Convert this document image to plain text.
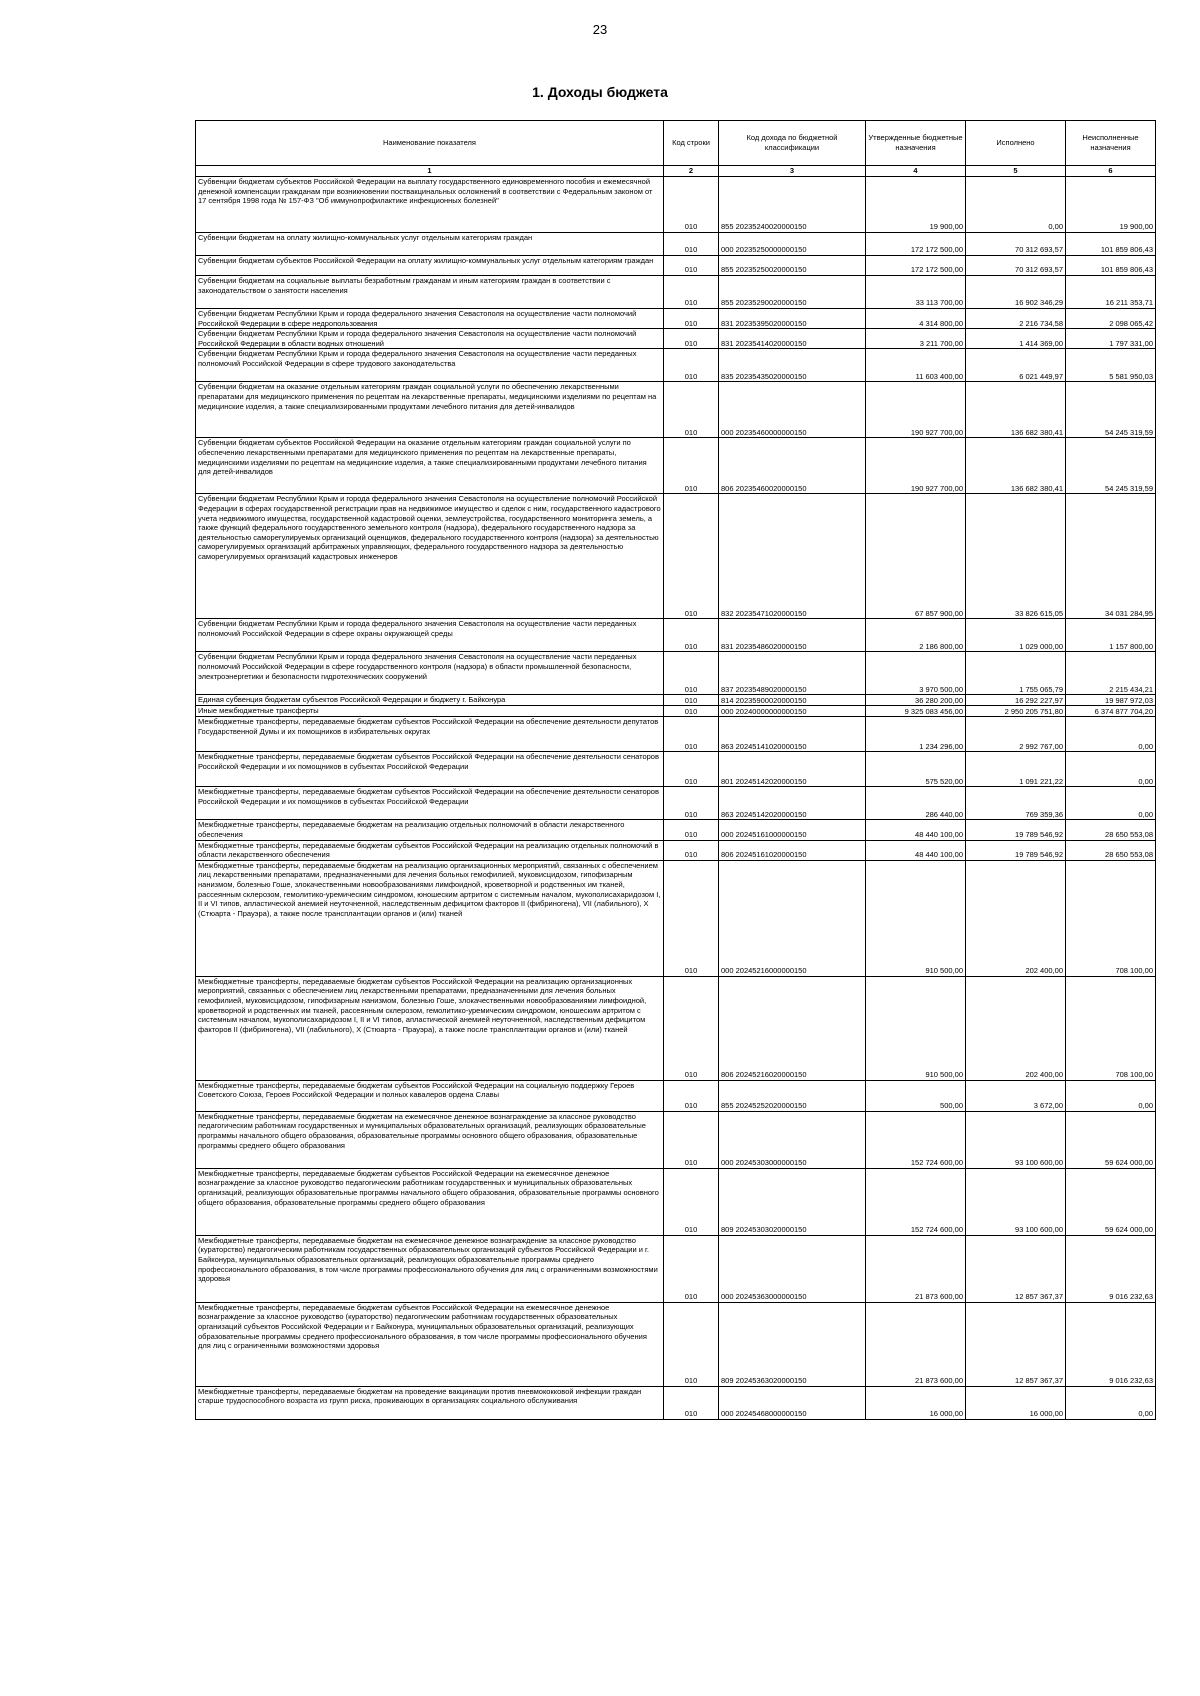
23
1. Доходы бюджета
Наименование показателя	Код строки	Код дохода по бюджетной классификации	Утвержденные бюджетные назначения	Исполнено	Неисполненные назначения
1	2	3	4	5	6
Субвенции бюджетам субъектов Российской Федерации на выплату государственного единовременного пособия и ежемесячной денежной компенсации гражданам при возникновении поствакцинальных осложнений в соответствии с Федеральным законом от 17 сентября 1998 года № 157-ФЗ "Об иммунопрофилактике инфекционных болезней"	010	855 20235240020000150	19 900,00	0,00	19 900,00
Субвенции бюджетам на оплату жилищно-коммунальных услуг отдельным категориям граждан	010	000 20235250000000150	172 172 500,00	70 312 693,57	101 859 806,43
Субвенции бюджетам субъектов Российской Федерации на оплату жилищно-коммунальных услуг отдельным категориям граждан	010	855 20235250020000150	172 172 500,00	70 312 693,57	101 859 806,43
Субвенции бюджетам на социальные выплаты безработным гражданам и иным категориям граждан в соответствии с законодательством о занятости населения	010	855 20235290020000150	33 113 700,00	16 902 346,29	16 211 353,71
Субвенции бюджетам Республики Крым и города федерального значения Севастополя на осуществление части полномочий Российской Федерации в сфере недропользования	010	831 20235395020000150	4 314 800,00	2 216 734,58	2 098 065,42
Субвенции бюджетам Республики Крым и города федерального значения Севастополя на осуществление части полномочий Российской Федерации в области водных отношений	010	831 20235414020000150	3 211 700,00	1 414 369,00	1 797 331,00
Субвенции бюджетам Республики Крым и города федерального значения Севастополя на осуществление части переданных полномочий Российской Федерации в сфере трудового законодательства	010	835 20235435020000150	11 603 400,00	6 021 449,97	5 581 950,03
Субвенции бюджетам на оказание отдельным категориям граждан социальной услуги по обеспечению лекарственными препаратами для медицинского применения по рецептам на лекарственные препараты, медицинскими изделиями по рецептам на медицинские изделия, а также специализированными продуктами лечебного питания для детей-инвалидов	010	000 20235460000000150	190 927 700,00	136 682 380,41	54 245 319,59
Субвенции бюджетам субъектов Российской Федерации на оказание отдельным категориям граждан социальной услуги по обеспечению лекарственными препаратами для медицинского применения по рецептам на лекарственные препараты, медицинскими изделиями по рецептам на медицинские изделия, а также специализированными продуктами лечебного питания для детей-инвалидов	010	806 20235460020000150	190 927 700,00	136 682 380,41	54 245 319,59
Субвенции бюджетам Республики Крым и города федерального значения Севастополя на осуществление полномочий Российской Федерации в сферах государственной регистрации прав на недвижимое имущество и сделок с ним, государственного кадастрового учета недвижимого имущества, государственной кадастровой оценки, землеустройства, государственного мониторинга земель, а также функций федерального государственного земельного контроля (надзора), федерального государственного надзора за деятельностью саморегулируемых организаций оценщиков, федерального государственного контроля (надзора) за деятельностью саморегулируемых организаций арбитражных управляющих, федерального государственного надзора за деятельностью саморегулируемых организаций кадастровых инженеров	010	832 20235471020000150	67 857 900,00	33 826 615,05	34 031 284,95
Субвенции бюджетам Республики Крым и города федерального значения Севастополя на осуществление части переданных полномочий Российской Федерации в сфере охраны окружающей среды	010	831 20235486020000150	2 186 800,00	1 029 000,00	1 157 800,00
Субвенции бюджетам Республики Крым и города федерального значения Севастополя на осуществление части переданных полномочий Российской Федерации в сфере государственного контроля (надзора) в области промышленной безопасности, электроэнергетики и безопасности гидротехнических сооружений	010	837 20235489020000150	3 970 500,00	1 755 065,79	2 215 434,21
Единая субвенция бюджетам субъектов Российской Федерации и бюджету г. Байконура	010	814 20235900020000150	36 280 200,00	16 292 227,97	19 987 972,03
Иные межбюджетные трансферты	010	000 20240000000000150	9 325 083 456,00	2 950 205 751,80	6 374 877 704,20
Межбюджетные трансферты, передаваемые бюджетам субъектов Российской Федерации на обеспечение деятельности депутатов Государственной Думы и их помощников в избирательных округах	010	863 20245141020000150	1 234 296,00	2 992 767,00	0,00
Межбюджетные трансферты, передаваемые бюджетам субъектов Российской Федерации на обеспечение деятельности сенаторов Российской Федерации и их помощников в субъектах Российской Федерации	010	801 20245142020000150	575 520,00	1 091 221,22	0,00
Межбюджетные трансферты, передаваемые бюджетам субъектов Российской Федерации на обеспечение деятельности сенаторов Российской Федерации и их помощников в субъектах Российской Федерации	010	863 20245142020000150	286 440,00	769 359,36	0,00
Межбюджетные трансферты, передаваемые бюджетам на реализацию отдельных полномочий в области лекарственного обеспечения	010	000 20245161000000150	48 440 100,00	19 789 546,92	28 650 553,08
Межбюджетные трансферты, передаваемые бюджетам субъектов Российской Федерации на реализацию отдельных полномочий в области лекарственного обеспечения	010	806 20245161020000150	48 440 100,00	19 789 546,92	28 650 553,08
Межбюджетные трансферты, передаваемые бюджетам на реализацию организационных мероприятий, связанных с обеспечением лиц лекарственными препаратами, предназначенными для лечения больных гемофилией, муковисцидозом, гипофизарным нанизмом, болезнью Гоше, злокачественными новообразованиями лимфоидной, кроветворной и родственных им тканей, рассеянным склерозом, гемолитико-уремическим синдромом, юношеским артритом с системным началом, мукополисахаридозом I, II и VI типов, апластической анемией неуточненной, наследственным дефицитом факторов II (фибриногена), VII (лабильного), X (Стюарта - Прауэра), а также после трансплантации органов и (или) тканей	010	000 20245216000000150	910 500,00	202 400,00	708 100,00
Межбюджетные трансферты, передаваемые бюджетам субъектов Российской Федерации на реализацию организационных мероприятий, связанных с обеспечением лиц лекарственными препаратами, предназначенными для лечения больных гемофилией, муковисцидозом, гипофизарным нанизмом, болезнью Гоше, злокачественными новообразованиями лимфоидной, кроветворной и родственных им тканей, рассеянным склерозом, гемолитико-уремическим синдромом, юношеским артритом с системным началом, мукополисахаридозом I, II и VI типов, апластической анемией неуточненной, наследственным дефицитом факторов II (фибриногена), VII (лабильного), X (Стюарта - Прауэра), а также после трансплантации органов и (или) тканей	010	806 20245216020000150	910 500,00	202 400,00	708 100,00
Межбюджетные трансферты, передаваемые бюджетам субъектов Российской Федерации на социальную поддержку Героев Советского Союза, Героев Российской Федерации и полных кавалеров ордена Славы	010	855 20245252020000150	500,00	3 672,00	0,00
Межбюджетные трансферты, передаваемые бюджетам на ежемесячное денежное вознаграждение за классное руководство педагогическим работникам государственных и муниципальных образовательных организаций, реализующих образовательные программы начального общего образования, образовательные программы основного общего образования, образовательные программы среднего общего образования	010	000 20245303000000150	152 724 600,00	93 100 600,00	59 624 000,00
Межбюджетные трансферты, передаваемые бюджетам субъектов Российской Федерации на ежемесячное денежное вознаграждение за классное руководство педагогическим работникам государственных и муниципальных образовательных организаций, реализующих образовательные программы начального общего образования, образовательные программы основного общего образования, образовательные программы среднего общего образования	010	809 20245303020000150	152 724 600,00	93 100 600,00	59 624 000,00
Межбюджетные трансферты, передаваемые бюджетам на ежемесячное денежное вознаграждение за классное руководство (кураторство) педагогическим работникам государственных образовательных организаций субъектов Российской Федерации и г. Байконура, муниципальных образовательных организаций, реализующих образовательные программы среднего профессионального образования, в том числе программы профессионального обучения для лиц с ограниченными возможностями здоровья	010	000 20245363000000150	21 873 600,00	12 857 367,37	9 016 232,63
Межбюджетные трансферты, передаваемые бюджетам субъектов Российской Федерации на ежемесячное денежное вознаграждение за классное руководство (кураторство) педагогическим работникам государственных образовательных организаций субъектов Российской Федерации и г Байконура, муниципальных образовательных организаций, реализующих образовательные программы среднего профессионального образования, в том числе программы профессионального обучения для лиц с ограниченными возможностями здоровья	010	809 20245363020000150	21 873 600,00	12 857 367,37	9 016 232,63
Межбюджетные трансферты, передаваемые бюджетам на проведение вакцинации против пневмококковой инфекции граждан старше трудоспособного возраста из групп риска, проживающих в организациях социального обслуживания	010	000 20245468000000150	16 000,00	16 000,00	0,00
